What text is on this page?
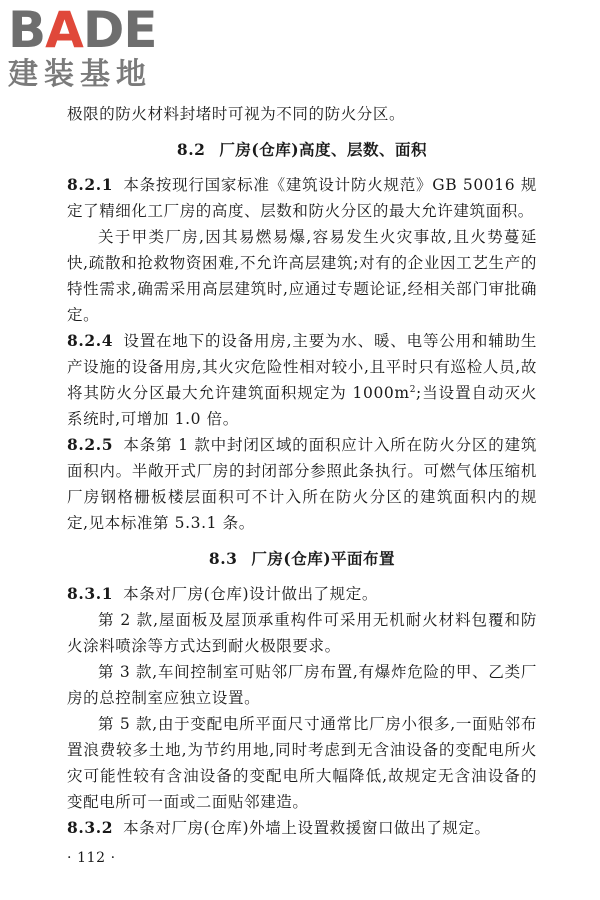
BADE
建装基地

极限的防火材料封堵时可视为不同的防火分区。

8.2 厂房(仓库)高度、层数、面积

8.2.1 本条按现行国家标准《建筑设计防火规范》GB 50016 规定了精细化工厂房的高度、层数和防火分区的最大允许建筑面积。

关于甲类厂房,因其易燃易爆,容易发生火灾事故,且火势蔓延快,疏散和抢救物资困难,不允许高层建筑;对有的企业因工艺生产的特性需求,确需采用高层建筑时,应通过专题论证,经相关部门审批确定。

8.2.4 设置在地下的设备用房,主要为水、暖、电等公用和辅助生产设施的设备用房,其火灾危险性相对较小,且平时只有巡检人员,故将其防火分区最大允许建筑面积规定为 $1000m^2$;当设置自动灭火系统时,可增加 1.0 倍。

8.2.5 本条第 1 款中封闭区域的面积应计入所在防火分区的建筑面积内。半敞开式厂房的封闭部分参照此条执行。可燃气体压缩机厂房钢格栅板楼层面积可不计入所在防火分区的建筑面积内的规定,见本标准第 5.3.1 条。

8.3 厂房(仓库)平面布置

8.3.1 本条对厂房(仓库)设计做出了规定。

第 2 款,屋面板及屋顶承重构件可采用无机耐火材料包覆和防火涂料喷涂等方式达到耐火极限要求。

第 3 款,车间控制室可贴邻厂房布置,有爆炸危险的甲、乙类厂房的总控制室应独立设置。

第 5 款,由于变配电所平面尺寸通常比厂房小很多,一面贴邻布置浪费较多土地,为节约用地,同时考虑到无含油设备的变配电所火灾可能性较有含油设备的变配电所大幅降低,故规定无含油设备的变配电所可一面或二面贴邻建造。

8.3.2 本条对厂房(仓库)外墙上设置救援窗口做出了规定。

· 112 ·
